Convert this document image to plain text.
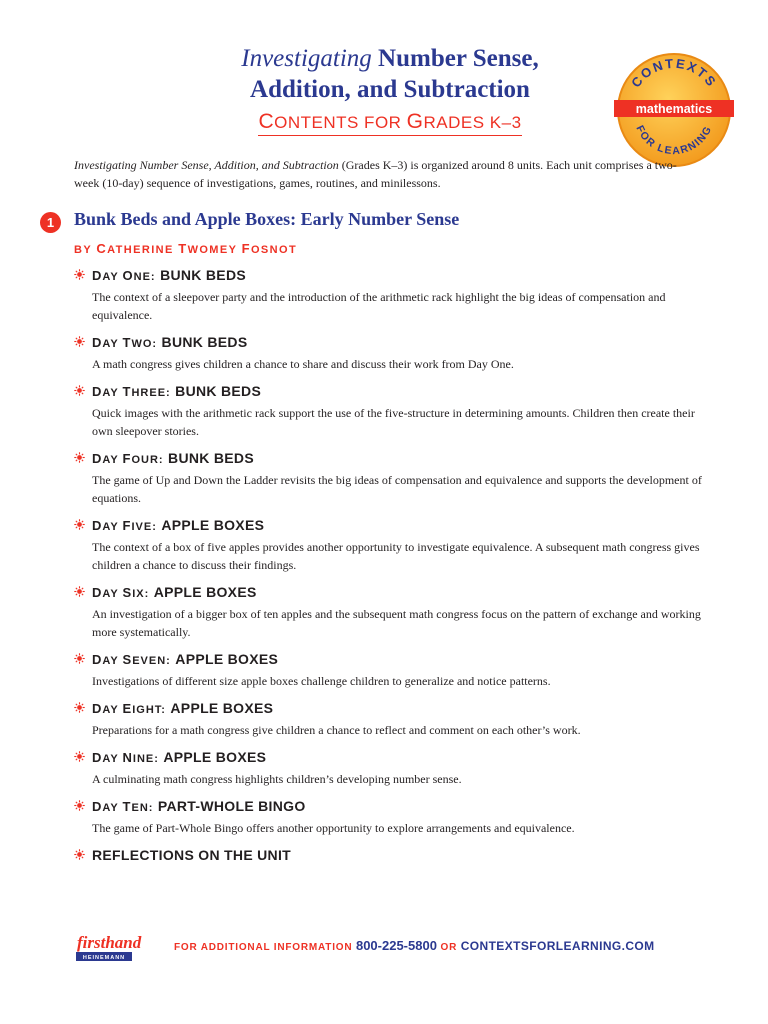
Investigating Number Sense,
Addition, and Subtraction
CONTENTS FOR GRADES K–3
CONTEXTS
mathematics
FOR LEARNING
Investigating Number Sense, Addition, and Subtraction (Grades K–3) is organized around 8 units. Each unit comprises a two-week (10-day) sequence of investigations, games, routines, and minilessons.
1	Bunk Beds and Apple Boxes: Early Number Sense
BY CATHERINE TWOMEY FOSNOT
DAY ONE: BUNK BEDS
The context of a sleepover party and the introduction of the arithmetic rack highlight the big ideas of compensation and equivalence.
DAY TWO: BUNK BEDS
A math congress gives children a chance to share and discuss their work from Day One.
DAY THREE: BUNK BEDS
Quick images with the arithmetic rack support the use of the five-structure in determining amounts. Children then create their own sleepover stories.
DAY FOUR: BUNK BEDS
The game of Up and Down the Ladder revisits the big ideas of compensation and equivalence and supports the development of equations.
DAY FIVE: APPLE BOXES
The context of a box of five apples provides another opportunity to investigate equivalence. A subsequent math congress gives children a chance to discuss their findings.
DAY SIX: APPLE BOXES
An investigation of a bigger box of ten apples and the subsequent math congress focus on the pattern of exchange and working more systematically.
DAY SEVEN: APPLE BOXES
Investigations of different size apple boxes challenge children to generalize and notice patterns.
DAY EIGHT: APPLE BOXES
Preparations for a math congress give children a chance to reflect and comment on each other’s work.
DAY NINE: APPLE BOXES
A culminating math congress highlights children’s developing number sense.
DAY TEN: PART-WHOLE BINGO
The game of Part-Whole Bingo offers another opportunity to explore arrangements and equivalence.
REFLECTIONS ON THE UNIT
firsthand
HEINEMANN
FOR ADDITIONAL INFORMATION 800-225-5800 OR CONTEXTSFORLEARNING.COM
